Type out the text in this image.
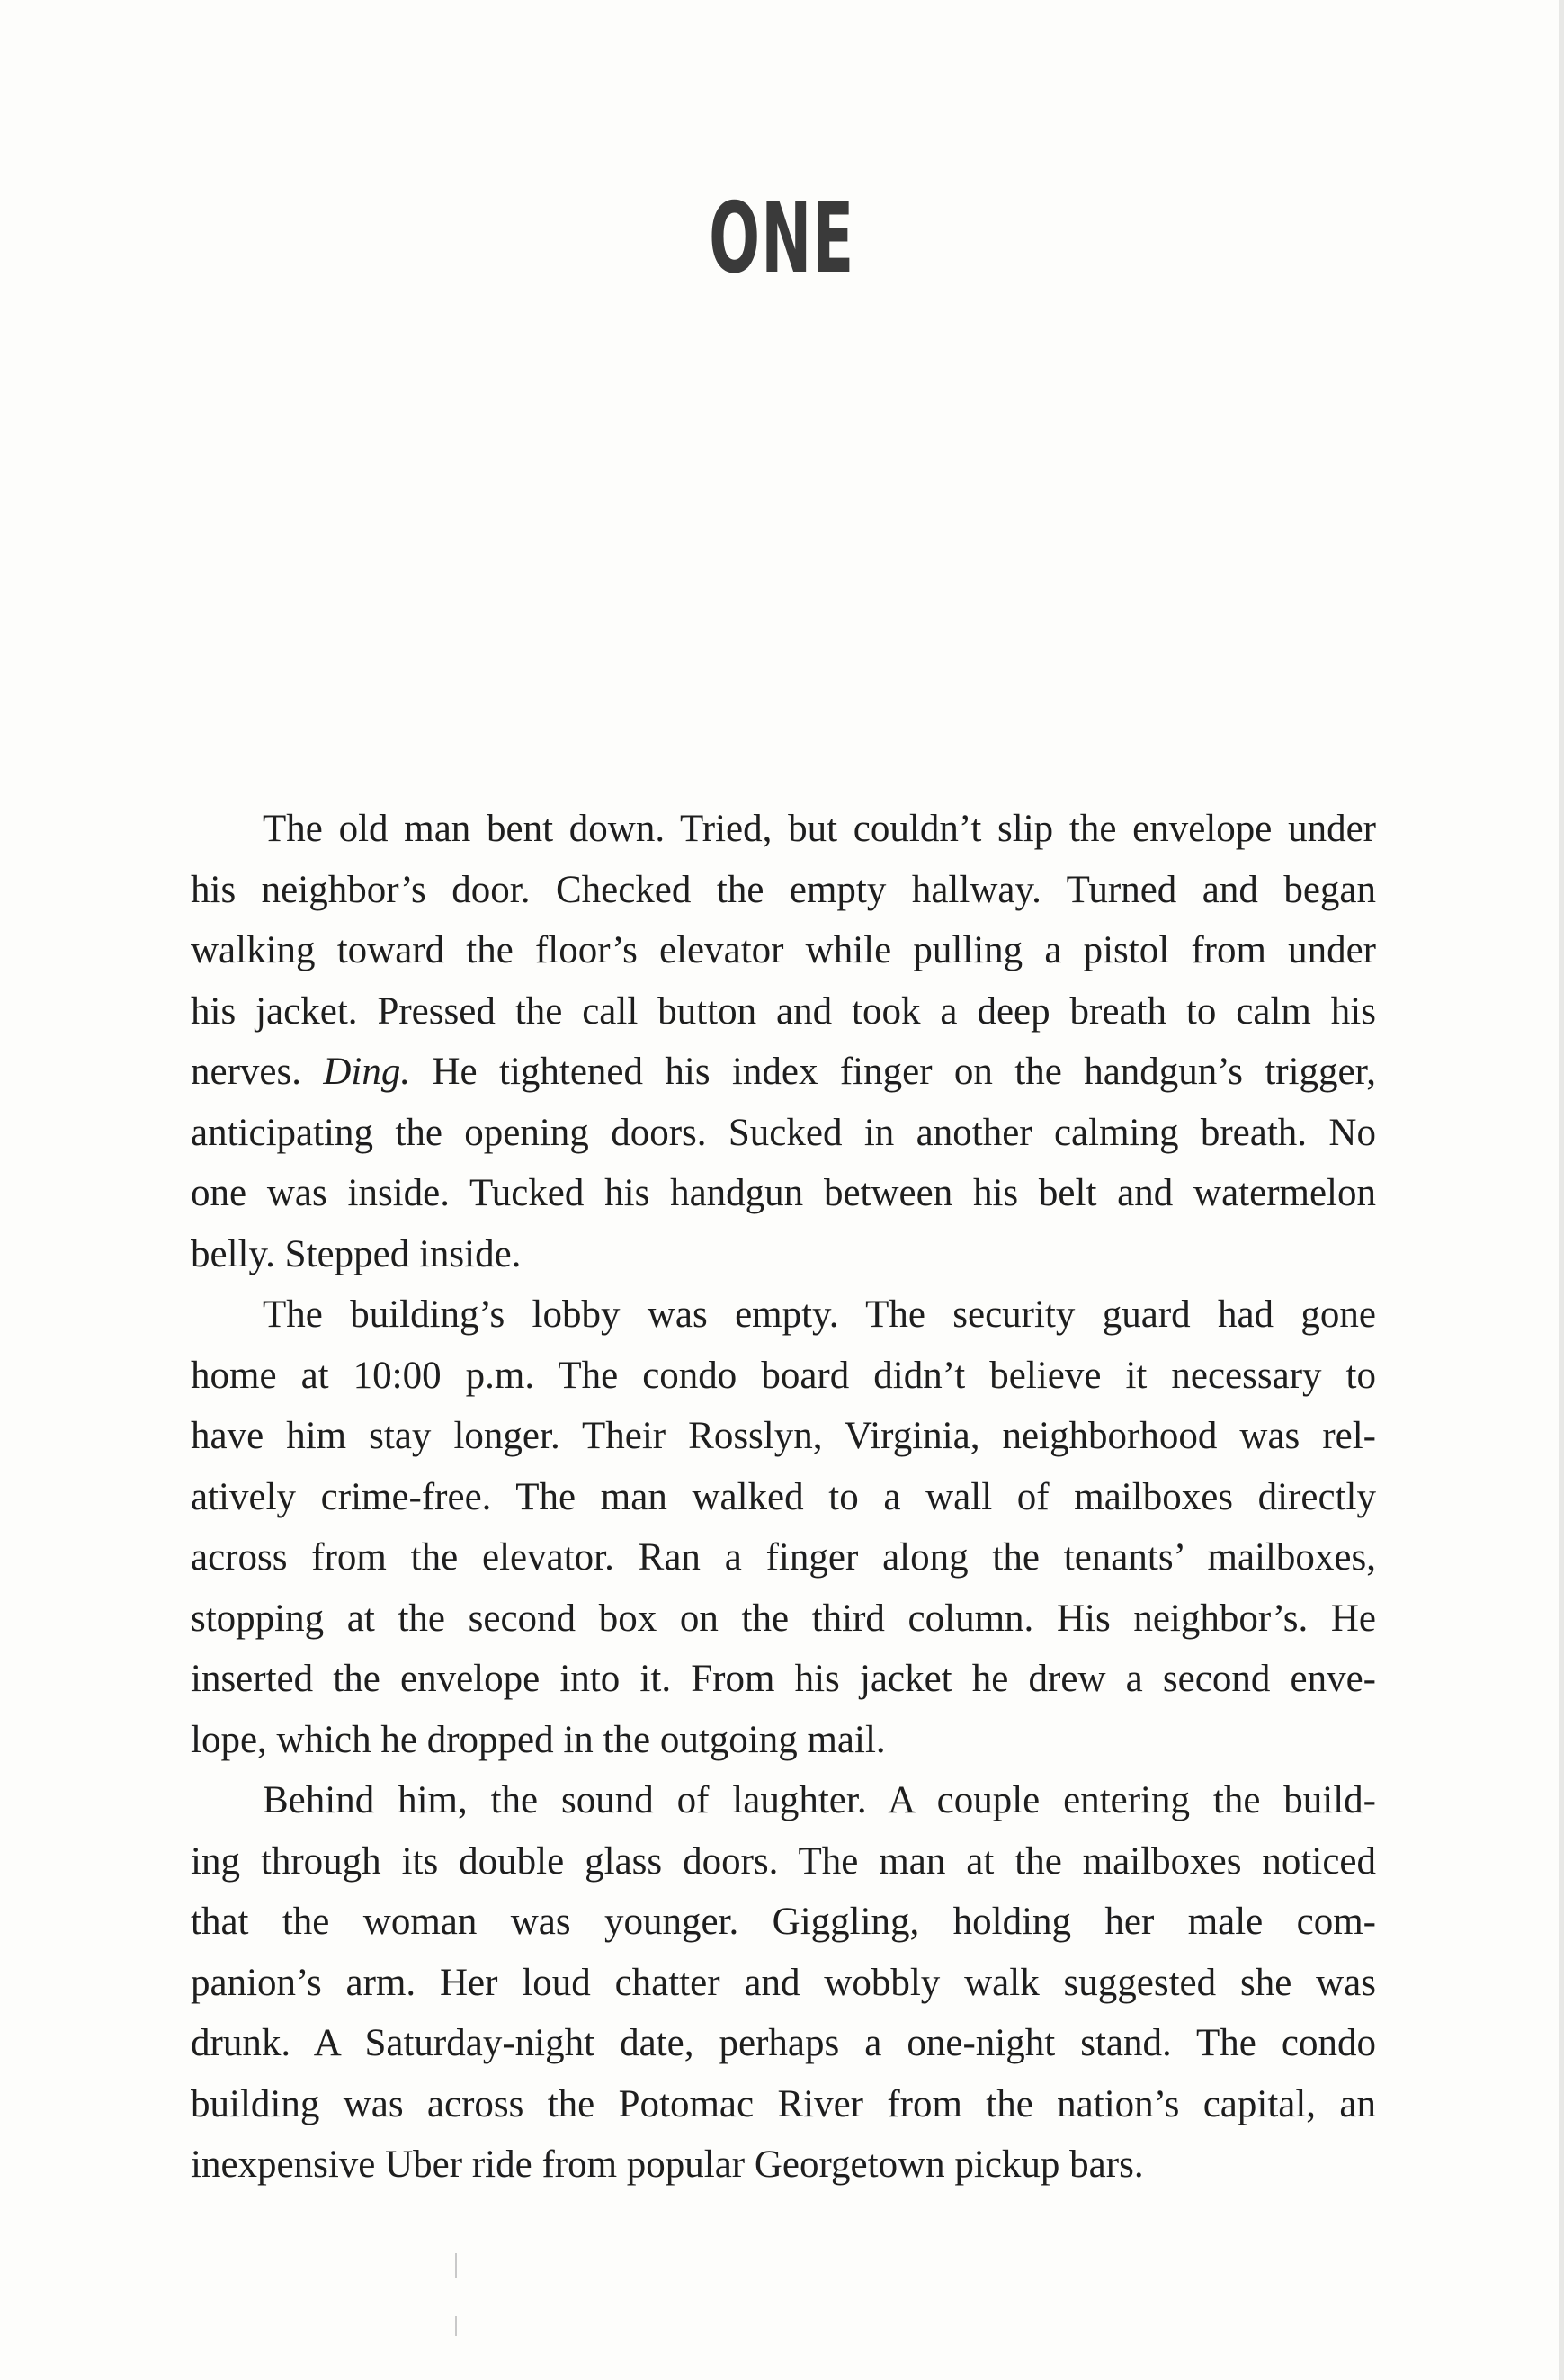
ONE
The old man bent down. Tried, but couldn’t slip the envelope under
his neighbor’s door. Checked the empty hallway. Turned and began
walking toward the floor’s elevator while pulling a pistol from under
his jacket. Pressed the call button and took a deep breath to calm his
nerves. Ding. He tightened his index finger on the handgun’s trigger,
anticipating the opening doors. Sucked in another calming breath. No
one was inside. Tucked his handgun between his belt and watermelon
belly. Stepped inside.
The building’s lobby was empty. The security guard had gone
home at 10:00 p.m. The condo board didn’t believe it necessary to
have him stay longer. Their Rosslyn, Virginia, neighborhood was rel-
atively crime-free. The man walked to a wall of mailboxes directly
across from the elevator. Ran a finger along the tenants’ mailboxes,
stopping at the second box on the third column. His neighbor’s. He
inserted the envelope into it. From his jacket he drew a second enve-
lope, which he dropped in the outgoing mail.
Behind him, the sound of laughter. A couple entering the build-
ing through its double glass doors. The man at the mailboxes noticed
that the woman was younger. Giggling, holding her male com-
panion’s arm. Her loud chatter and wobbly walk suggested she was
drunk. A Saturday-night date, perhaps a one-night stand. The condo
building was across the Potomac River from the nation’s capital, an
inexpensive Uber ride from popular Georgetown pickup bars.
